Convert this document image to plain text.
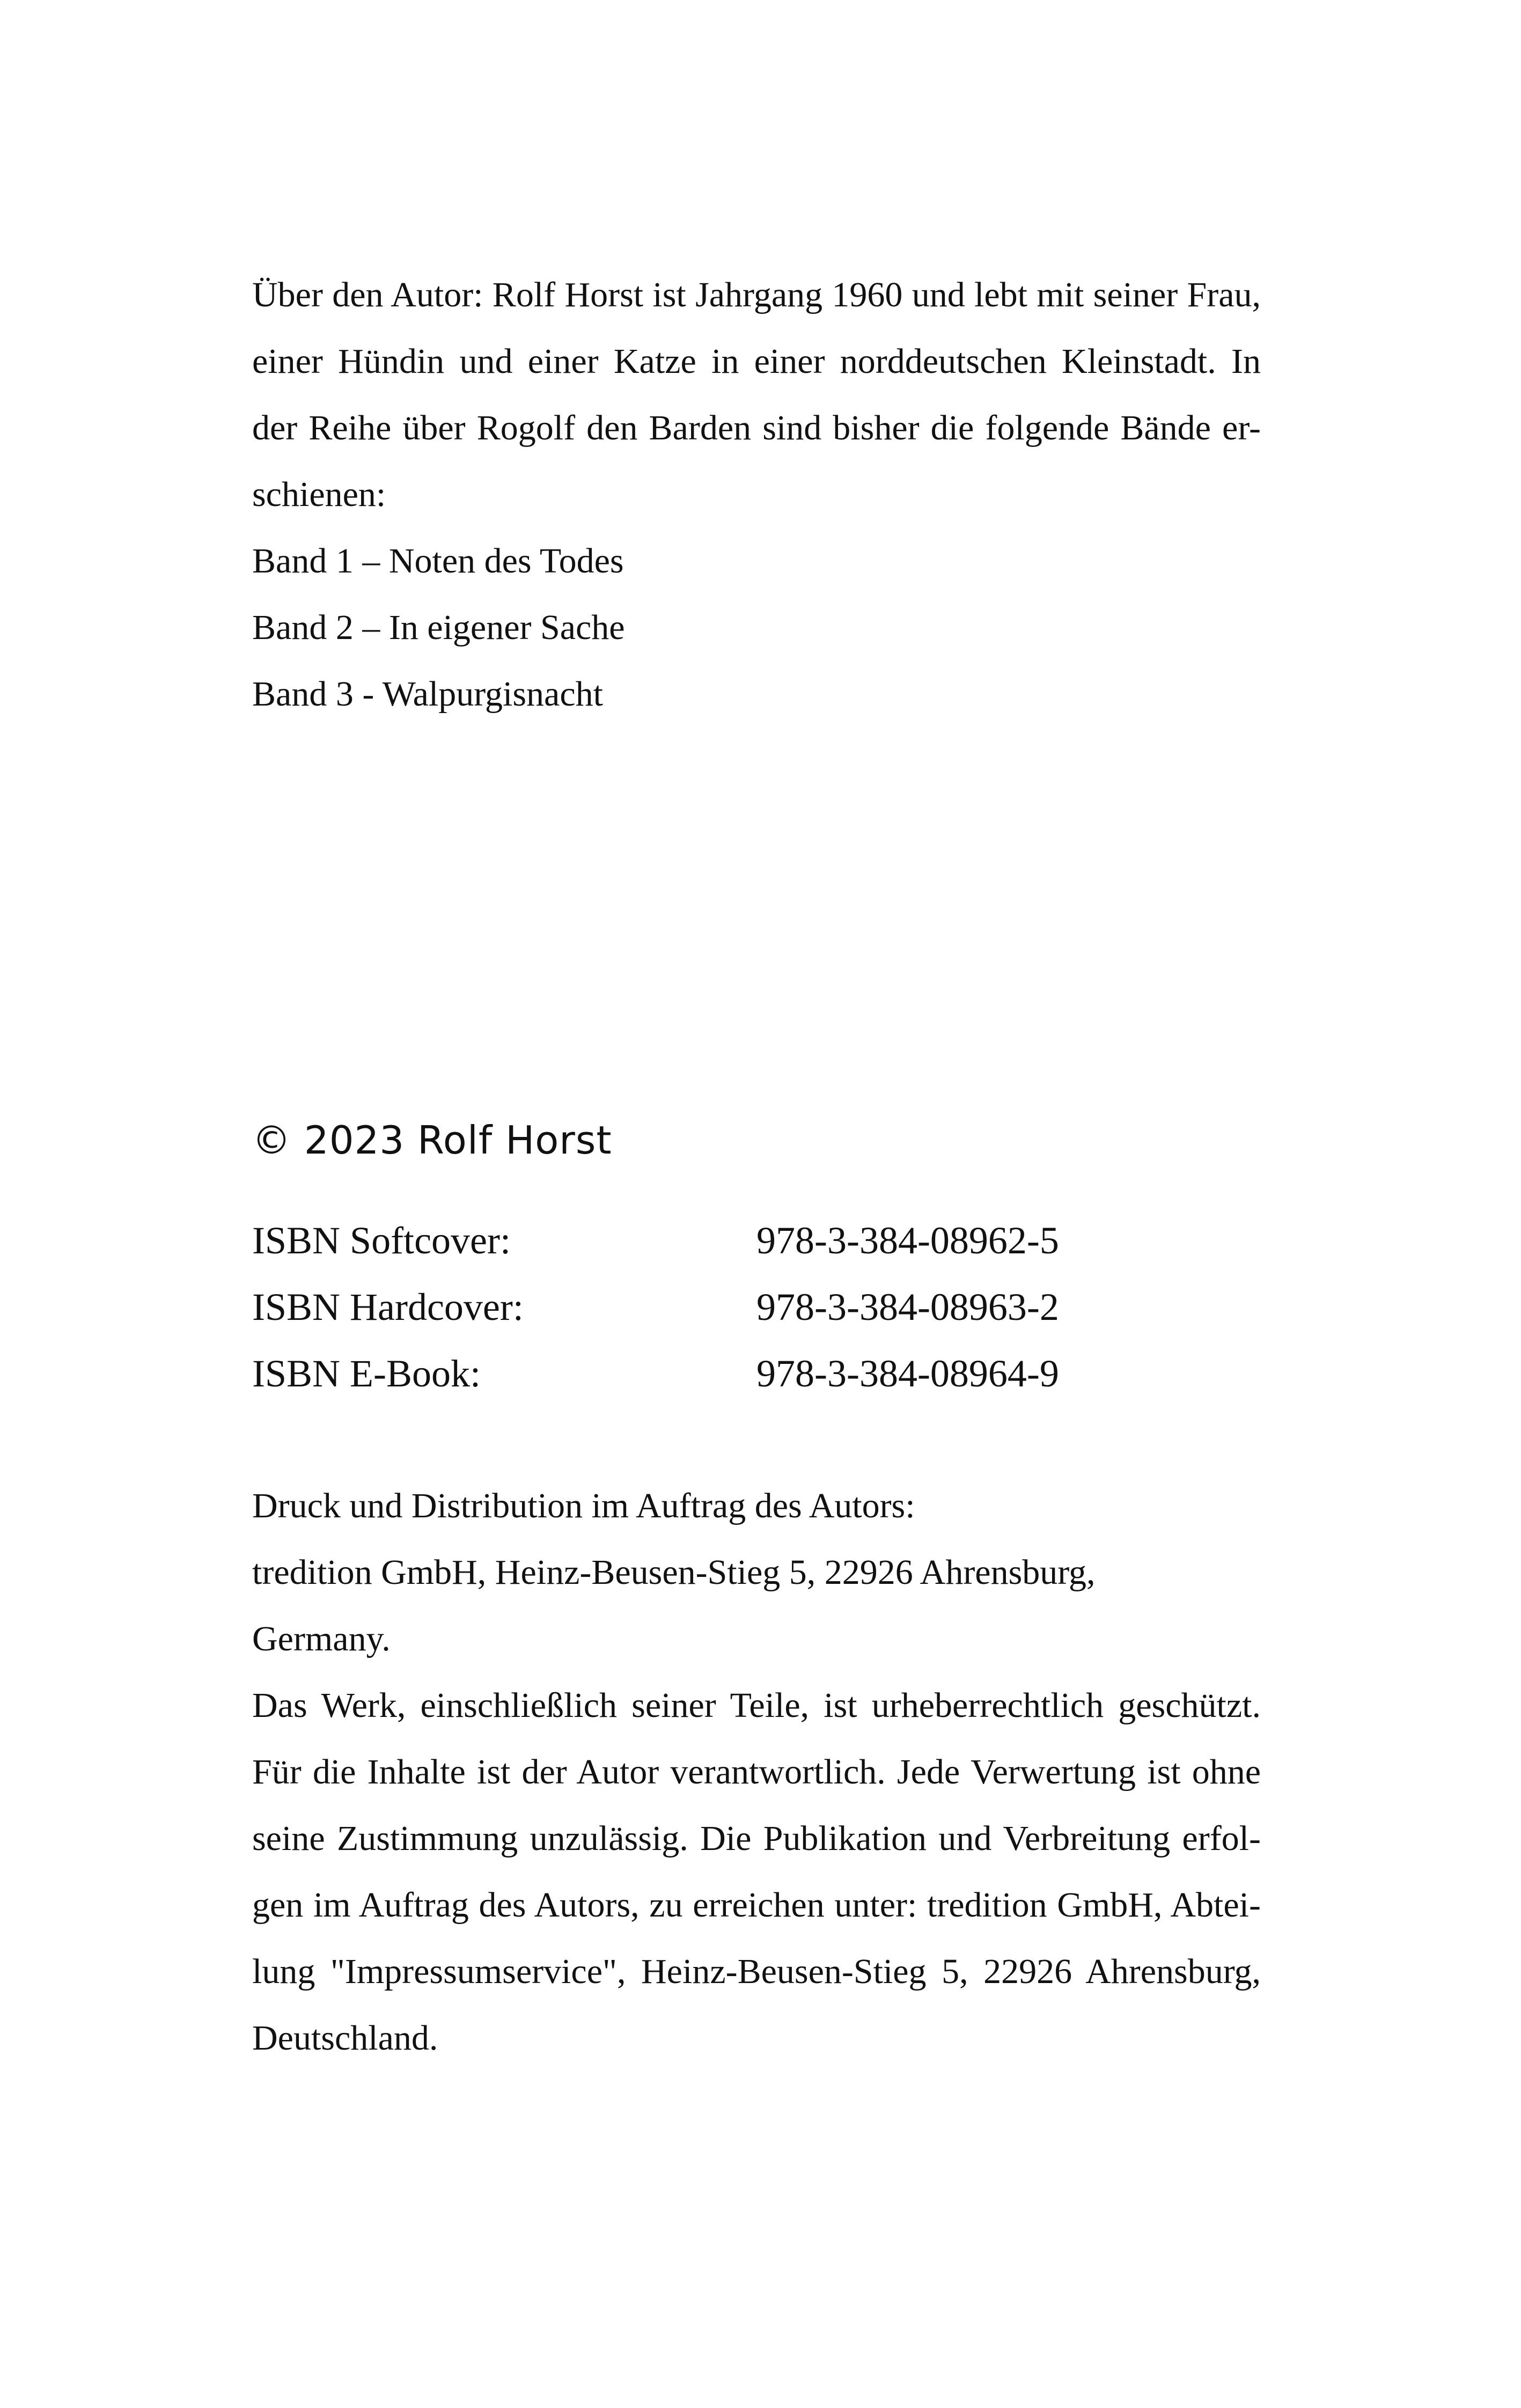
Über den Autor: Rolf Horst ist Jahrgang 1960 und lebt mit seiner Frau,
einer Hündin und einer Katze in einer norddeutschen Kleinstadt. In
der Reihe über Rogolf den Barden sind bisher die folgende Bände er-
schienen:
Band 1 – Noten des Todes
Band 2 – In eigener Sache
Band 3 - Walpurgisnacht
© 2023 Rolf Horst
ISBN Softcover:	978-3-384-08962-5
ISBN Hardcover:	978-3-384-08963-2
ISBN E-Book:	978-3-384-08964-9
Druck und Distribution im Auftrag des Autors:
tredition GmbH, Heinz-Beusen-Stieg 5, 22926 Ahrensburg,
Germany.
Das Werk, einschließlich seiner Teile, ist urheberrechtlich geschützt.
Für die Inhalte ist der Autor verantwortlich. Jede Verwertung ist ohne
seine Zustimmung unzulässig. Die Publikation und Verbreitung erfol-
gen im Auftrag des Autors, zu erreichen unter: tredition GmbH, Abtei-
lung "Impressumservice", Heinz-Beusen-Stieg 5, 22926 Ahrensburg,
Deutschland.
